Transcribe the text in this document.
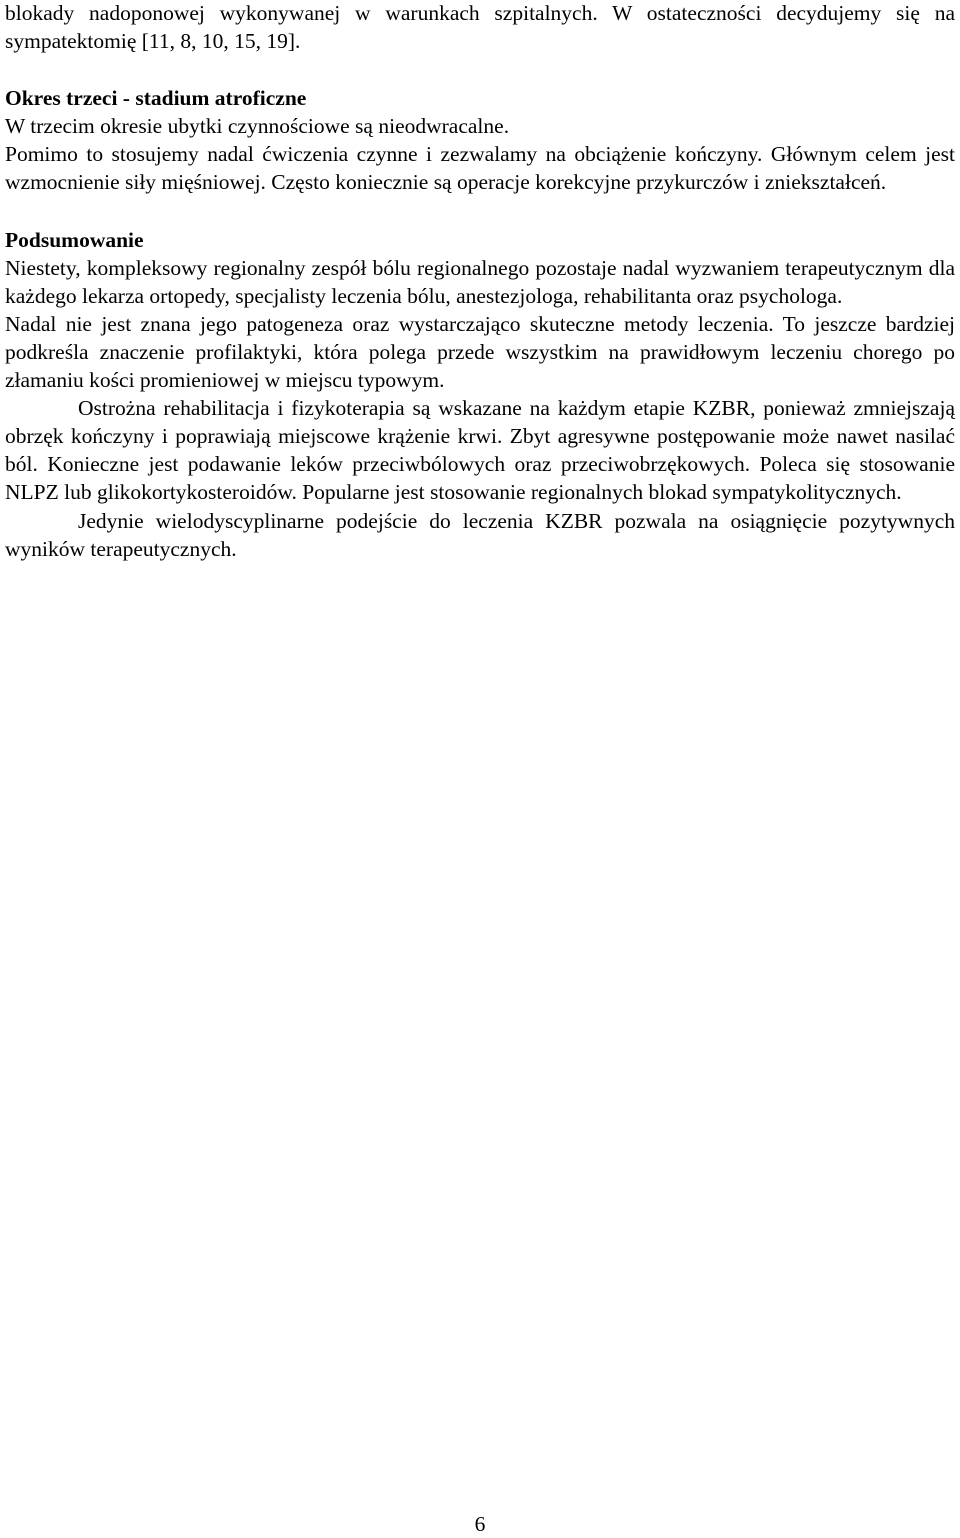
blokady nadoponowej wykonywanej w warunkach szpitalnych. W ostateczności decydujemy się na sympatektomię [11, 8, 10, 15, 19].

Okres trzeci - stadium atroficzne

W trzecim okresie ubytki czynnościowe są nieodwracalne.

Pomimo to stosujemy nadal ćwiczenia czynne i zezwalamy na obciążenie kończyny. Głównym celem jest wzmocnienie siły mięśniowej. Często koniecznie są operacje korekcyjne przykurczów i zniekształceń.

Podsumowanie

Niestety, kompleksowy regionalny zespół bólu regionalnego pozostaje nadal wyzwaniem terapeutycznym dla każdego lekarza ortopedy, specjalisty leczenia bólu, anestezjologa, rehabilitanta oraz psychologa.

Nadal nie jest znana jego patogeneza oraz wystarczająco skuteczne metody leczenia. To jeszcze bardziej podkreśla znaczenie profilaktyki, która polega przede wszystkim na prawidłowym leczeniu chorego po złamaniu kości promieniowej w miejscu typowym.

Ostrożna rehabilitacja i fizykoterapia są wskazane na każdym etapie KZBR, ponieważ zmniejszają obrzęk kończyny i poprawiają miejscowe krążenie krwi. Zbyt agresywne postępowanie może nawet nasilać ból. Konieczne jest podawanie leków przeciwbólowych oraz przeciwobrzękowych. Poleca się stosowanie NLPZ lub glikokortykosteroidów. Popularne jest stosowanie regionalnych blokad sympatykolitycznych.

Jedynie wielodyscyplinarne podejście do leczenia KZBR pozwala na osiągnięcie pozytywnych wyników terapeutycznych.

6
